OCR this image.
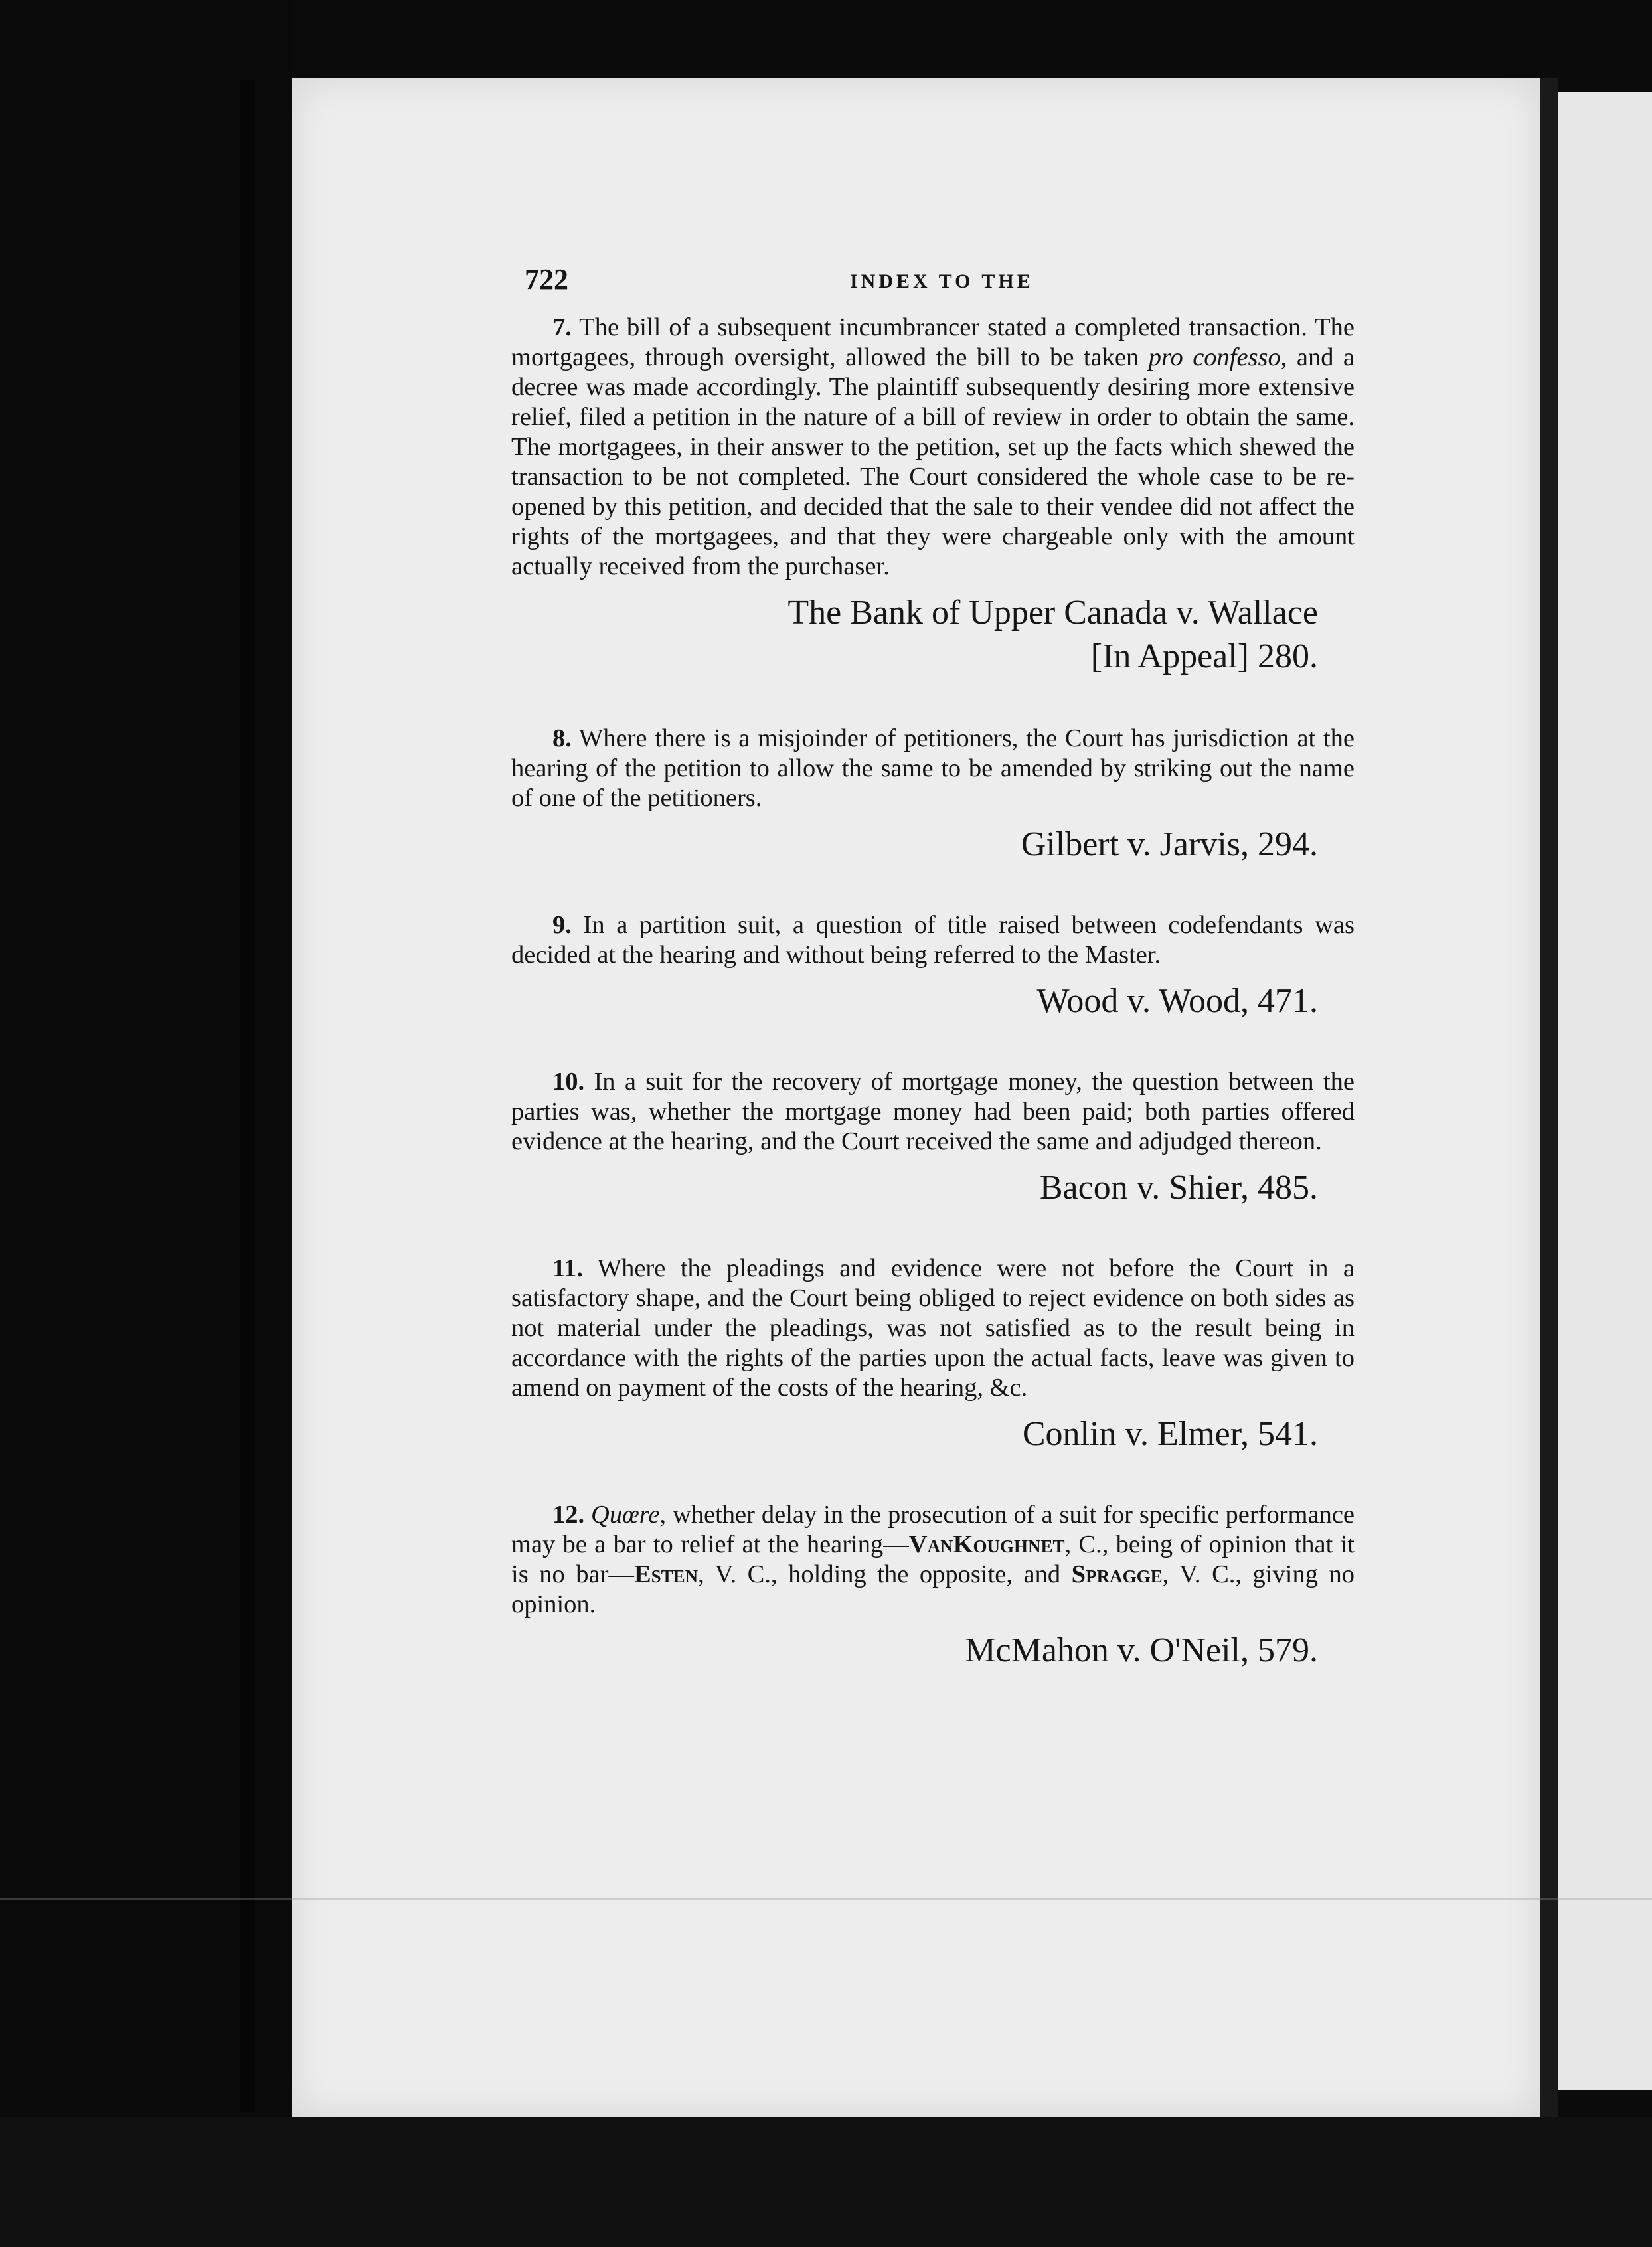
722	INDEX TO THE

7. The bill of a subsequent incumbrancer stated a completed transaction. The mortgagees, through oversight, allowed the bill to be taken pro confesso, and a decree was made accordingly. The plaintiff subsequently desiring more extensive relief, filed a petition in the nature of a bill of review in order to obtain the same. The mortgagees, in their answer to the petition, set up the facts which shewed the transaction to be not completed. The Court considered the whole case to be re-opened by this petition, and decided that the sale to their vendee did not affect the rights of the mortgagees, and that they were chargeable only with the amount actually received from the purchaser.

The Bank of Upper Canada v. Wallace
[In Appeal] 280.

8. Where there is a misjoinder of petitioners, the Court has jurisdiction at the hearing of the petition to allow the same to be amended by striking out the name of one of the petitioners.

Gilbert v. Jarvis, 294.

9. In a partition suit, a question of title raised between codefendants was decided at the hearing and without being referred to the Master.

Wood v. Wood, 471.

10. In a suit for the recovery of mortgage money, the question between the parties was, whether the mortgage money had been paid; both parties offered evidence at the hearing, and the Court received the same and adjudged thereon.

Bacon v. Shier, 485.

11. Where the pleadings and evidence were not before the Court in a satisfactory shape, and the Court being obliged to reject evidence on both sides as not material under the pleadings, was not satisfied as to the result being in accordance with the rights of the parties upon the actual facts, leave was given to amend on payment of the costs of the hearing, &c.

Conlin v. Elmer, 541.

12. Quœre, whether delay in the prosecution of a suit for specific performance may be a bar to relief at the hearing—VanKoughnet, C., being of opinion that it is no bar—Esten, V. C., holding the opposite, and Spragge, V. C., giving no opinion.

McMahon v. O'Neil, 579.
